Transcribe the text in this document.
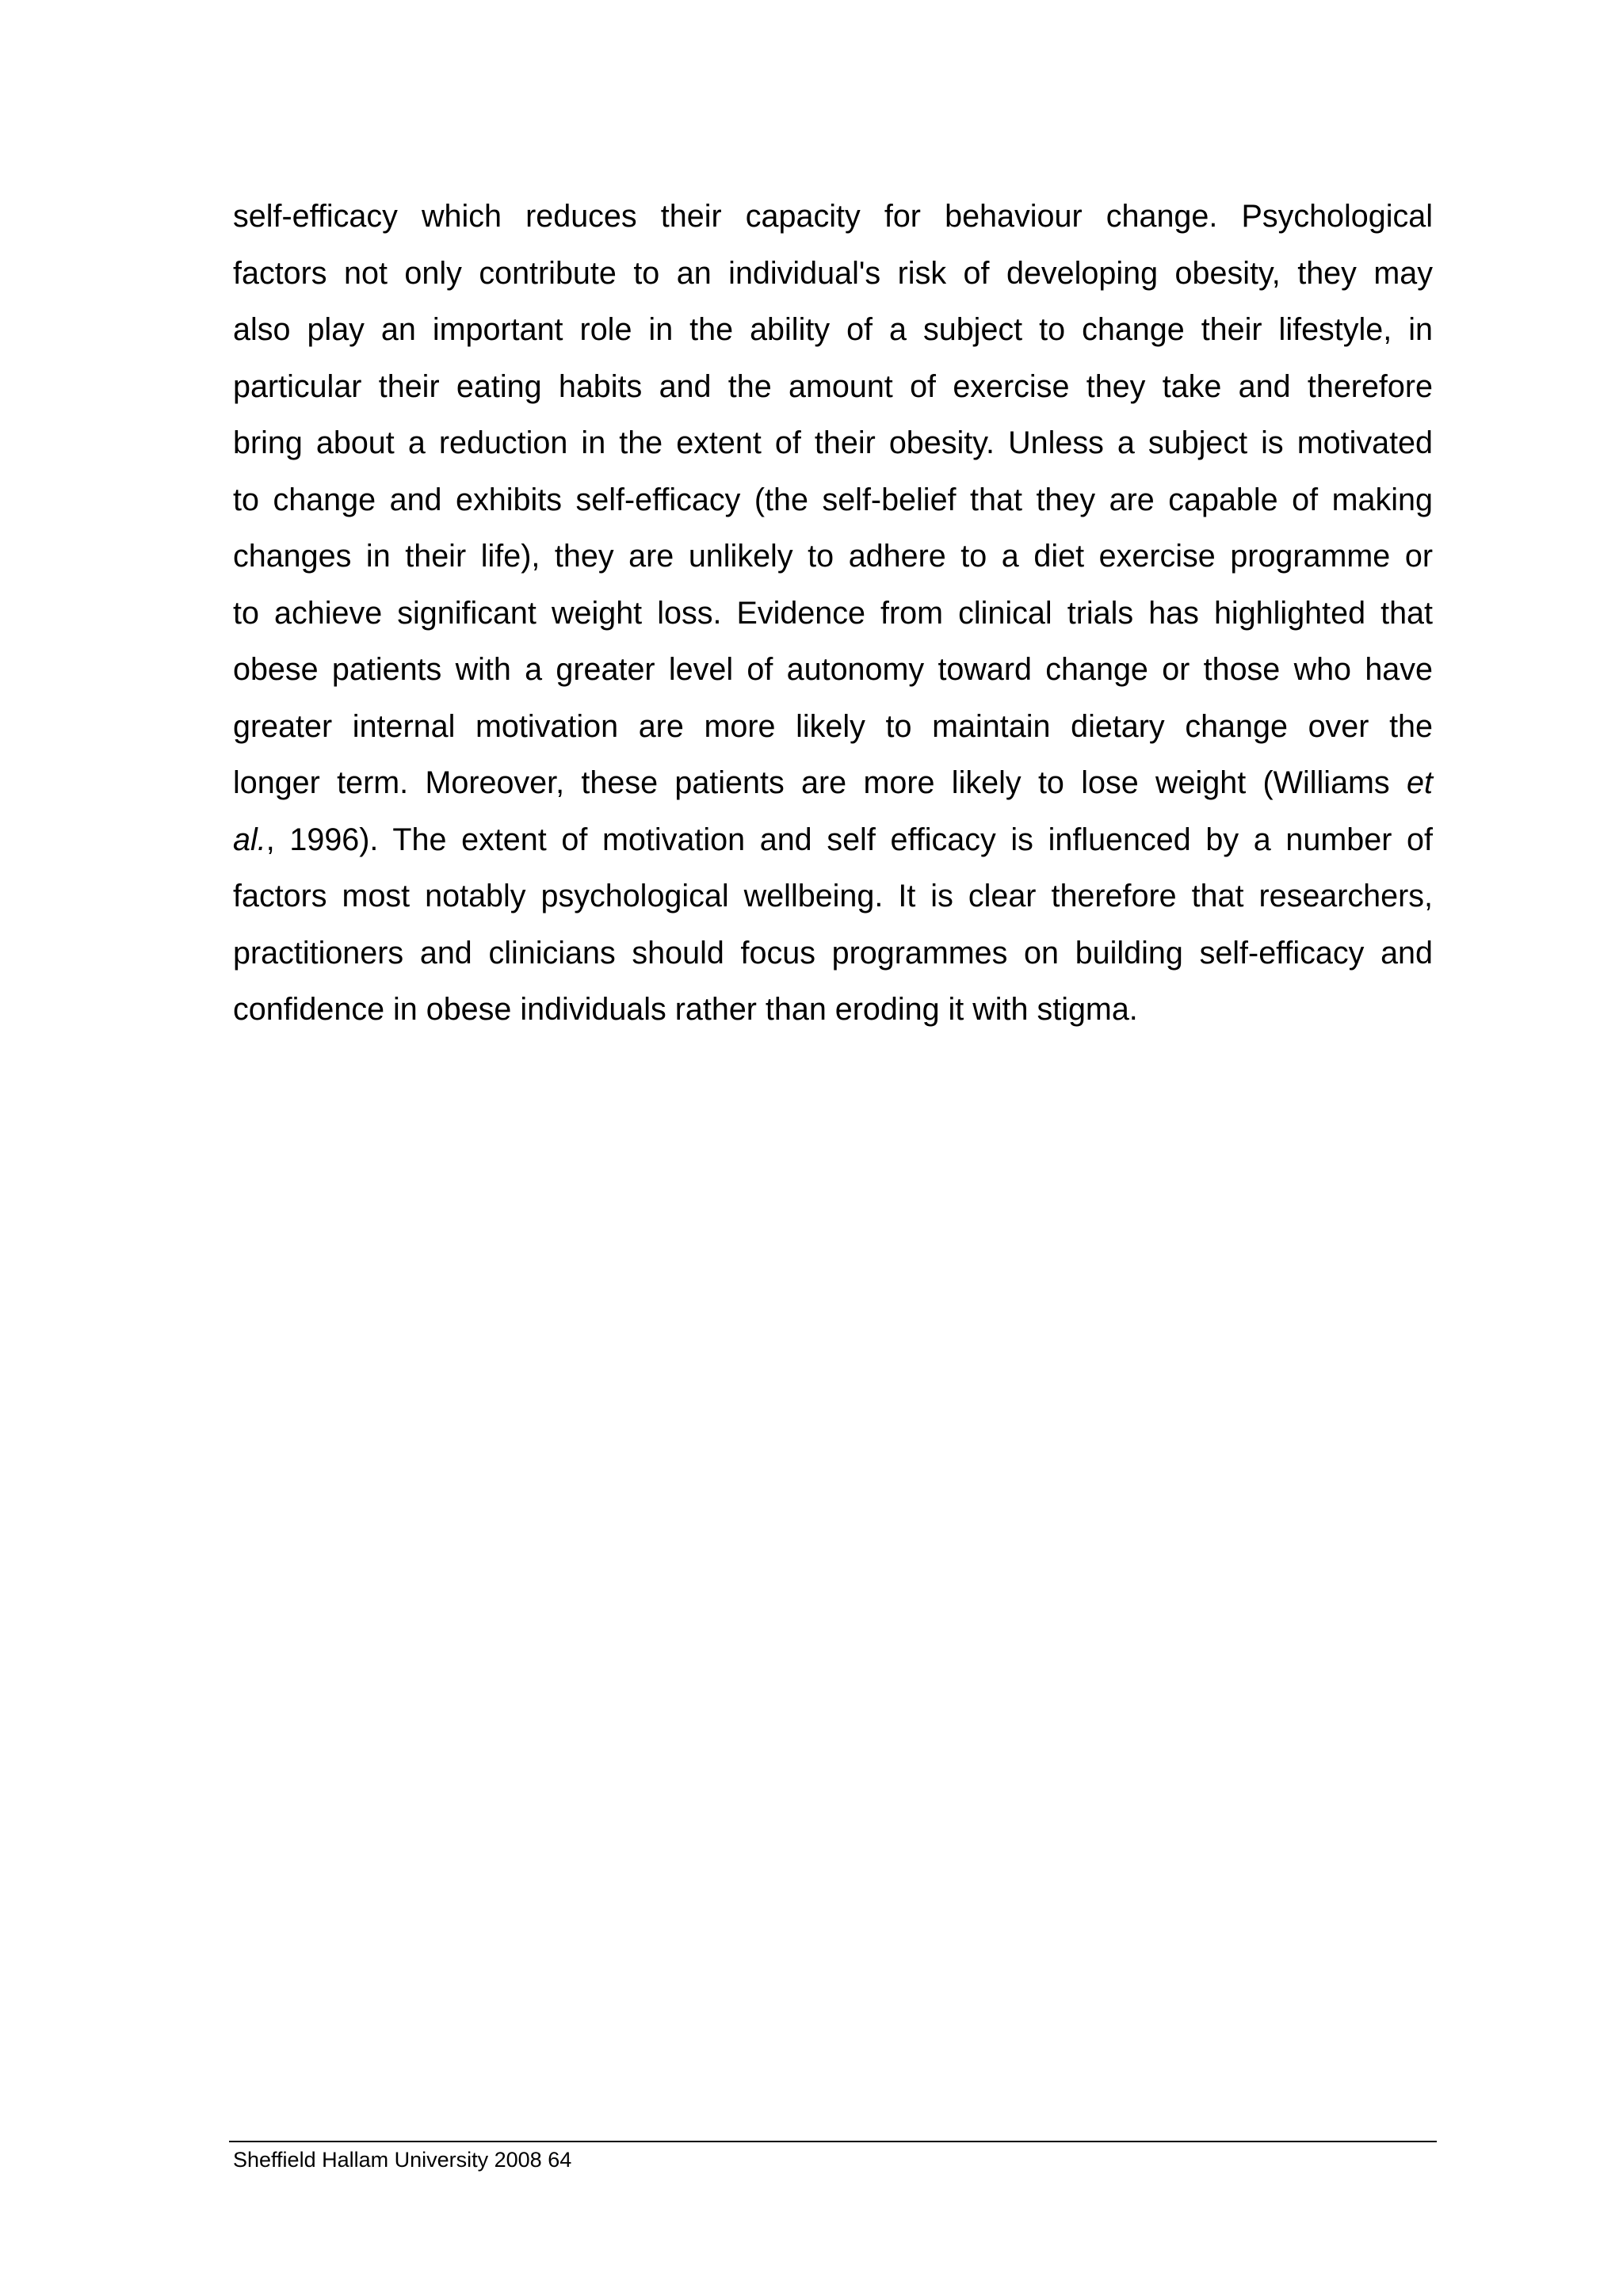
self-efficacy which reduces their capacity for behaviour change. Psychological
factors not only contribute to an individual's risk of developing obesity, they may
also play an important role in the ability of a subject to change their lifestyle, in
particular their eating habits and the amount of exercise they take and therefore
bring about a reduction in the extent of their obesity. Unless a subject is motivated
to change and exhibits self-efficacy (the self-belief that they are capable of making
changes in their life), they are unlikely to adhere to a diet exercise programme or
to achieve significant weight loss. Evidence from clinical trials has highlighted that
obese patients with a greater level of autonomy toward change or those who have
greater internal motivation are more likely to maintain dietary change over the
longer term. Moreover, these patients are more likely to lose weight (Williams et
al., 1996). The extent of motivation and self efficacy is influenced by a number of
factors most notably psychological wellbeing. It is clear therefore that researchers,
practitioners and clinicians should focus programmes on building self-efficacy and
confidence in obese individuals rather than eroding it with stigma.

Sheffield Hallam University 2008 64
